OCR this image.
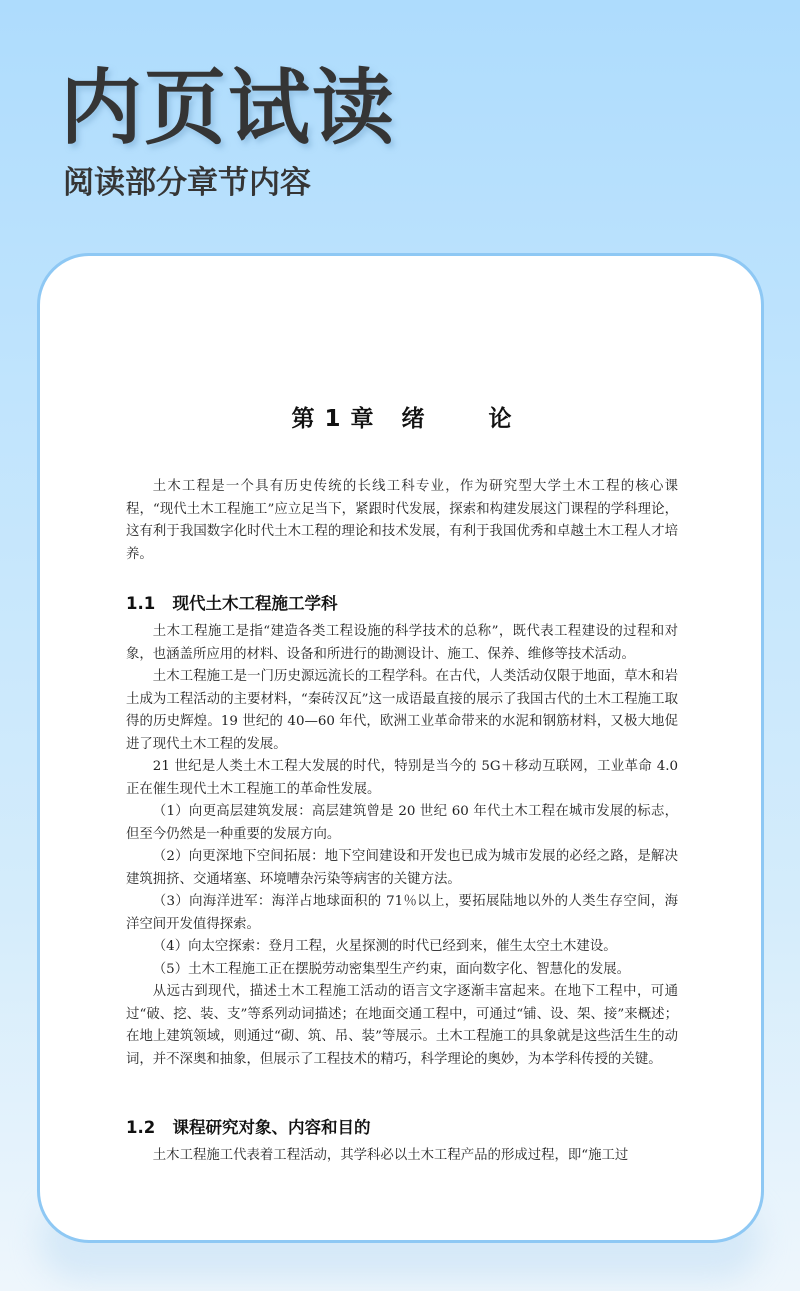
内页试读
阅读部分章节内容
第 1 章   绪       论

土木工程是一个具有历史传统的长线工科专业，作为研究型大学土木工程的核心课程，“现代土木工程施工”应立足当下，紧跟时代发展，探索和构建发展这门课程的学科理论，这有利于我国数字化时代土木工程的理论和技术发展，有利于我国优秀和卓越土木工程人才培养。

1.1 现代土木工程施工学科

土木工程施工是指“建造各类工程设施的科学技术的总称”，既代表工程建设的过程和对象，也涵盖所应用的材料、设备和所进行的勘测设计、施工、保养、维修等技术活动。

土木工程施工是一门历史源远流长的工程学科。在古代，人类活动仅限于地面，草木和岩土成为工程活动的主要材料，“秦砖汉瓦”这一成语最直接的展示了我国古代的土木工程施工取得的历史辉煌。19 世纪的 40—60 年代，欧洲工业革命带来的水泥和钢筋材料，又极大地促进了现代土木工程的发展。

21 世纪是人类土木工程大发展的时代，特别是当今的 5G＋移动互联网，工业革命 4.0 正在催生现代土木工程施工的革命性发展。

（1）向更高层建筑发展：高层建筑曾是 20 世纪 60 年代土木工程在城市发展的标志，但至今仍然是一种重要的发展方向。

（2）向更深地下空间拓展：地下空间建设和开发也已成为城市发展的必经之路，是解决建筑拥挤、交通堵塞、环境嘈杂污染等病害的关键方法。

（3）向海洋进军：海洋占地球面积的 71％以上，要拓展陆地以外的人类生存空间，海洋空间开发值得探索。

（4）向太空探索：登月工程，火星探测的时代已经到来，催生太空土木建设。

（5）土木工程施工正在摆脱劳动密集型生产约束，面向数字化、智慧化的发展。

从远古到现代，描述土木工程施工活动的语言文字逐渐丰富起来。在地下工程中，可通过“破、挖、装、支”等系列动词描述；在地面交通工程中，可通过“铺、设、架、接”来概述；在地上建筑领域，则通过“砌、筑、吊、装”等展示。土木工程施工的具象就是这些活生生的动词，并不深奥和抽象，但展示了工程技术的精巧，科学理论的奥妙，为本学科传授的关键。

1.2 课程研究对象、内容和目的

土木工程施工代表着工程活动，其学科必以土木工程产品的形成过程，即“施工过
